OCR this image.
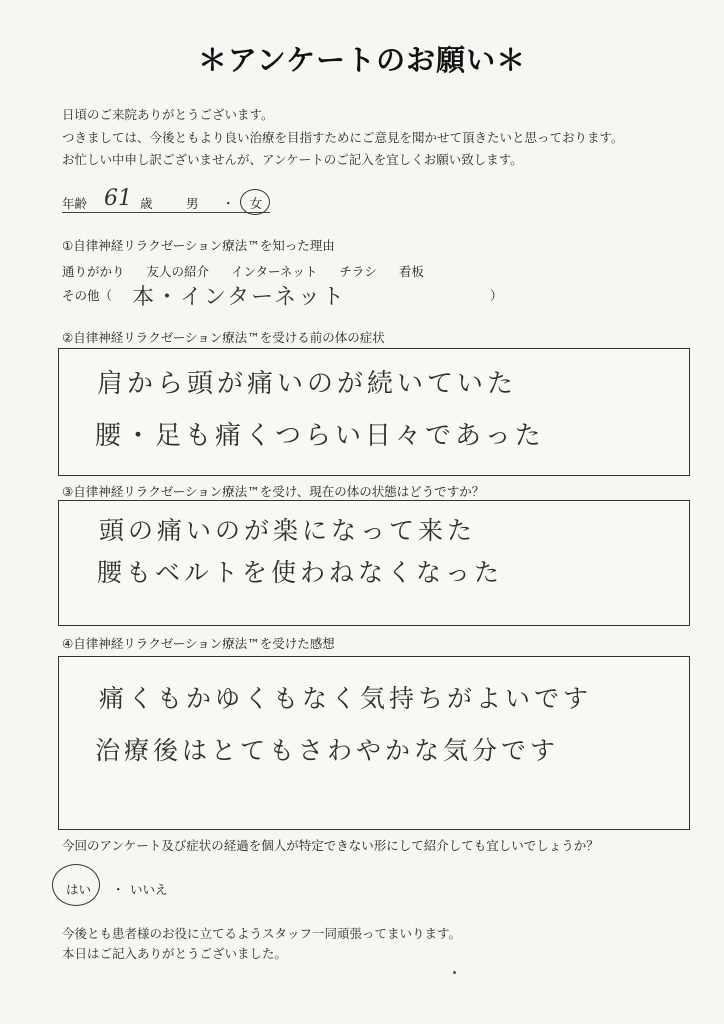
＊アンケートのお願い＊
日頃のご来院ありがとうございます。
つきましては、今後ともより良い治療を目指すためにご意見を聞かせて頂きたいと思っております。
お忙しい中申し訳ございませんが、アンケートのご記入を宜しくお願い致します。
年齢 61 歳	男 ・	女
①自律神経リラクゼーション療法™を知った理由
通りがかり 友人の紹介 インターネット チラシ 看板
その他（ 本・インターネット	）
②自律神経リラクゼーション療法™を受ける前の体の症状
肩から頭が痛いのが続いていた
腰・足も痛くつらい日々であった
③自律神経リラクゼーション療法™を受け、現在の体の状態はどうですか？
頭の痛いのが楽になって来た
腰もベルトを使わねなくなった
④自律神経リラクゼーション療法™を受けた感想
痛くもかゆくもなく気持ちがよいです
治療後はとてもさわやかな気分です
今回のアンケート及び症状の経過を個人が特定できない形にして紹介しても宜しいでしょうか？
はい ・ いいえ
今後とも患者様のお役に立てるようスタッフ一同頑張ってまいります。
本日はご記入ありがとうございました。
